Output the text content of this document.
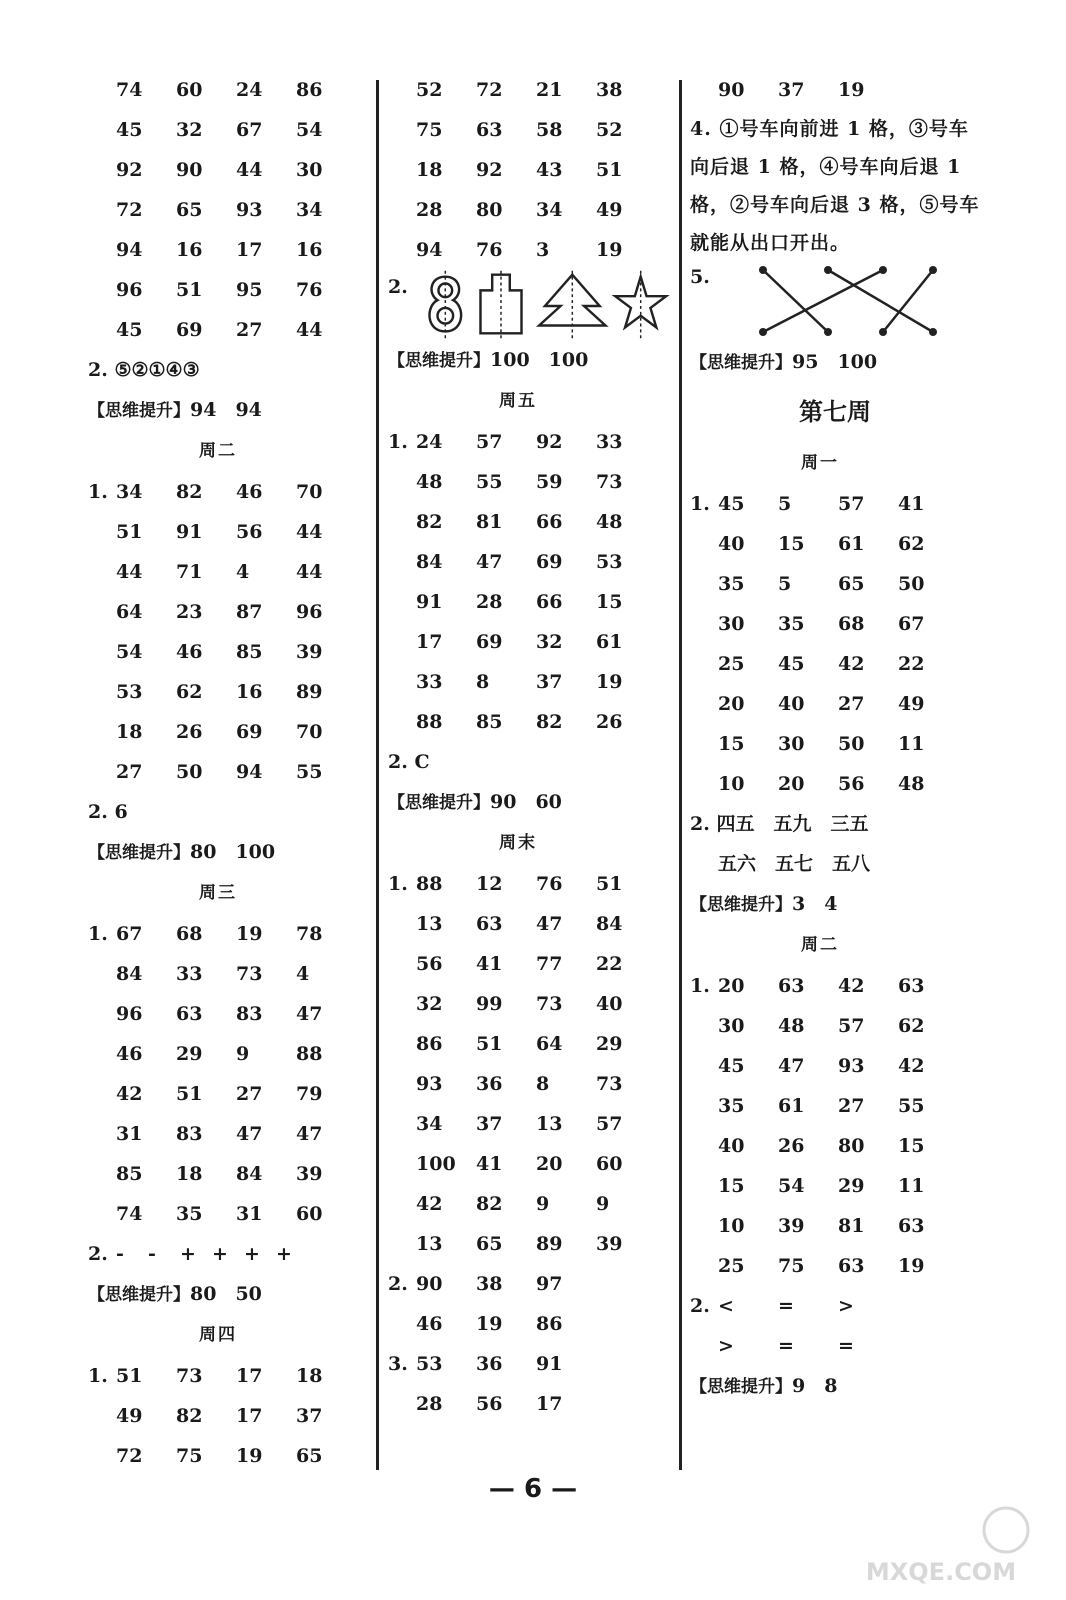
74	60	24	86
45	32	67	54
92	90	44	30
72	65	93	34
94	16	17	16
96	51	95	76
45	69	27	44
2. ⑤②①④③
【思维提升】94　94
周二
1. 34	82	46	70
51	91	56	44
44	71	4	44
64	23	87	96
54	46	85	39
53	62	16	89
18	26	69	70
27	50	94	55
2. 6
【思维提升】80　100
周三
1. 67	68	19	78
84	33	73	4
96	63	83	47
46	29	9	88
42	51	27	79
31	83	47	47
85	18	84	39
74	35	31	60
2. -	-	+ + + +
【思维提升】80　50
周四
1. 51	73	17	18
49	82	17	37
72	75	19	65
52	72	21	38
75	63	58	52
18	92	43	51
28	80	34	49
94	76	3	19
2.
【思维提升】100　100
周五
1. 24	57	92	33
48	55	59	73
82	81	66	48
84	47	69	53
91	28	66	15
17	69	32	61
33	8	37	19
88	85	82	26
2. C
【思维提升】90　60
周末
1. 88	12	76	51
13	63	47	84
56	41	77	22
32	99	73	40
86	51	64	29
93	36	8	73
34	37	13	57
100	41	20	60
42	82	9	9
13	65	89	39
2. 90	38	97
46	19	86
3. 53	36	91
28	56	17
90	37	19
4. ①号车向前进 1 格，③号车向后退 1 格，④号车向后退 1 格，②号车向后退 3 格，⑤号车就能从出口开出。
5.
【思维提升】95　100
第七周
周一
1. 45	5	57	41
40	15	61	62
35	5	65	50
30	35	68	67
25	45	42	22
20	40	27	49
15	30	50	11
10	20	56	48
2. 四五　五九　三五
五六　五七　五八
【思维提升】3　4
周二
1. 20	63	42	63
30	48	57	62
45	47	93	42
35	61	27	55
40	26	80	15
15	54	29	11
10	39	81	63
25	75	63	19
2. <	=	>
>	=	=
【思维提升】9　8
— 6 —
MXQE.COM
